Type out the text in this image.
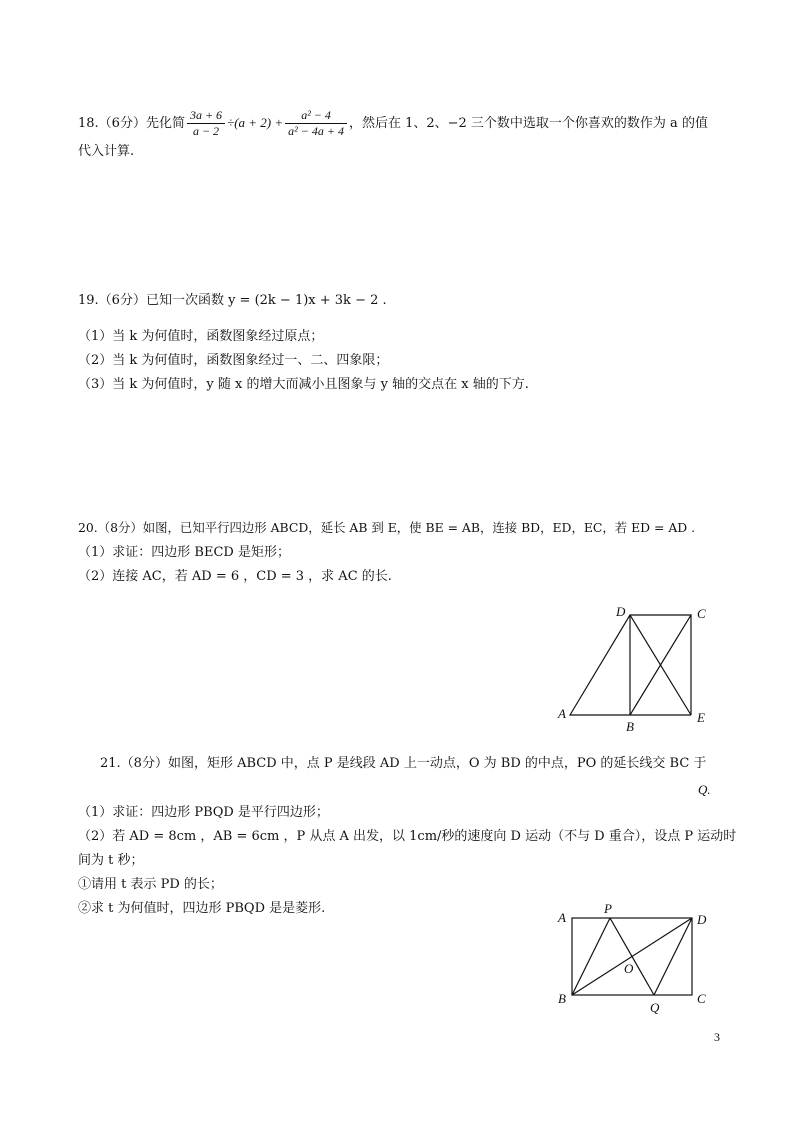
18.（6分）先化简 $\frac{3a + 6}{a - 2} \div(a + 2) + \frac{\text{a² − 4}}{\text{a² − 4a + 4}}$ ，然后在 1、2、−2 三个数中选取一个你喜欢的数作为 a 的值
代入计算.
19.（6分）已知一次函数 y = (2k − 1)x + 3k − 2 .
（1）当 k 为何值时，函数图象经过原点；
（2）当 k 为何值时，函数图象经过一、二、四象限；
（3）当 k 为何值时，y 随 x 的增大而减小且图象与 y 轴的交点在 x 轴的下方.
20.（8分）如图，已知平行四边形 ABCD，延长 AB 到 E，使 BE = AB，连接 BD，ED，EC，若 ED = AD .
（1）求证：四边形 BECD 是矩形；
（2）连接 AC，若 AD = 6 ，CD = 3 ，求 AC 的长.
D	C
A
B
E
21.（8分）如图，矩形 ABCD 中，点 P 是线段 AD 上一动点，O 为 BD 的中点，PO 的延长线交 BC 于
Q.
（1）求证：四边形 PBQD 是平行四边形；
（2）若 AD = 8cm ，AB = 6cm ，P 从点 A 出发，以 1cm/秒的速度向 D 运动（不与 D 重合），设点 P 运动时
间为 t 秒；
①请用 t 表示 PD 的长；
②求 t 为何值时，四边形 PBQD 是是菱形.
A
P
D
O
B
Q
C
3
